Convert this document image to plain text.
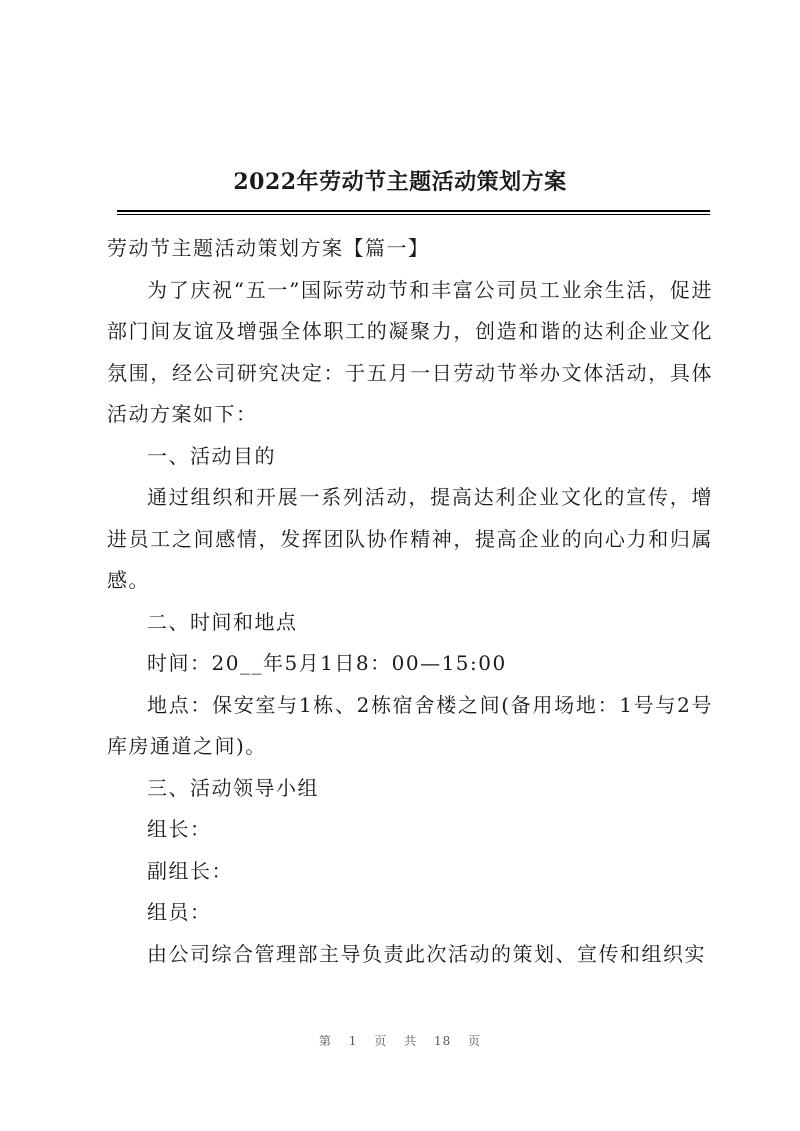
2022年劳动节主题活动策划方案

劳动节主题活动策划方案【篇一】

为了庆祝“五一”国际劳动节和丰富公司员工业余生活，促进部门间友谊及增强全体职工的凝聚力，创造和谐的达利企业文化氛围，经公司研究决定：于五月一日劳动节举办文体活动，具体活动方案如下：

一、活动目的

通过组织和开展一系列活动，提高达利企业文化的宣传，增进员工之间感情，发挥团队协作精神，提高企业的向心力和归属感。

二、时间和地点

时间：20__年5月1日8：00—15:00

地点：保安室与1栋、2栋宿舍楼之间(备用场地：1号与2号库房通道之间)。

三、活动领导小组

组长：

副组长：

组员：

由公司综合管理部主导负责此次活动的策划、宣传和组织实

第 1 页 共 18 页
